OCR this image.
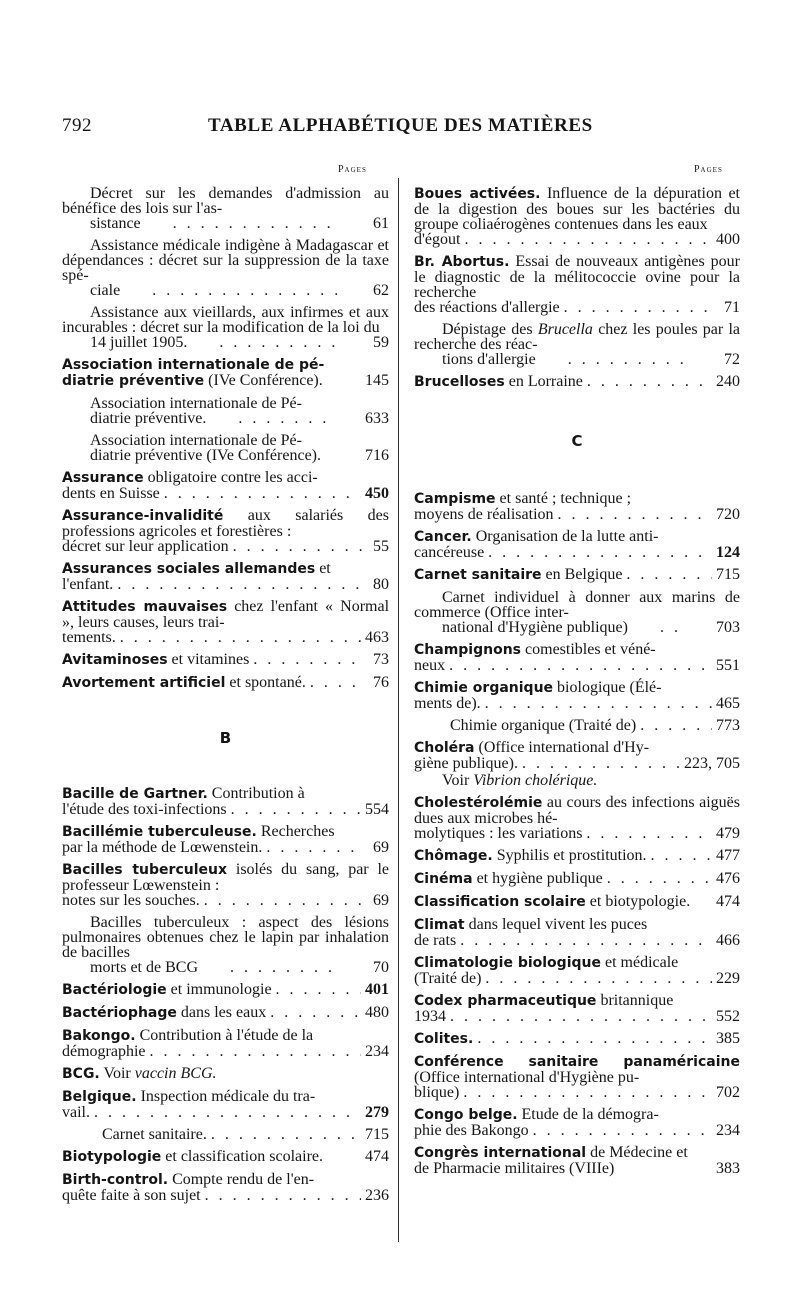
792	TABLE ALPHABÉTIQUE DES MATIÈRES
Pages	Pages
Décret sur les demandes d'admission au bénéfice des lois sur l'as-
sistance . . .	61
Assistance médicale indigène à Madagascar et dépendances : décret sur la suppression de la taxe spé-
ciale . . .	62
Assistance aux vieillards, aux infirmes et aux incurables : décret sur la modification de la loi du
14 juillet 1905. . . .	59
Association internationale de pé-
diatrie préventive (IVe Conférence).	145
Association internationale de Pé-
diatrie préventive. . . .	633
Association internationale de Pé-
diatrie préventive (IVe Conférence).	716
Assurance obligatoire contre les acci-
dents en Suisse . . .	450
Assurance-invalidité aux salariés des professions agricoles et forestières :
décret sur leur application . . .	55
Assurances sociales allemandes et
l'enfant. . . .	80
Attitudes mauvaises chez l'enfant « Normal », leurs causes, leurs trai-
tements. . . .	463
Avitaminoses et vitamines . . .	73
Avortement artificiel et spontané. . . .	76
B
Bacille de Gartner. Contribution à
l'étude des toxi-infections . . .	554
Bacillémie tuberculeuse. Recherches
par la méthode de Lœwenstein. . . .	69
Bacilles tuberculeux isolés du sang, par le professeur Lœwenstein :
notes sur les souches. . . .	69
Bacilles tuberculeux : aspect des lésions pulmonaires obtenues chez le lapin par inhalation de bacilles
morts et de BCG . . .	70
Bactériologie et immunologie . . .	401
Bactériophage dans les eaux . . .	480
Bakongo. Contribution à l'étude de la
démographie . . .	234
BCG. Voir vaccin BCG.
Belgique. Inspection médicale du tra-
vail. . . .	279
Carnet sanitaire. . . .	715
Biotypologie et classification scolaire.	474
Birth-control. Compte rendu de l'en-
quête faite à son sujet . . .	236
Boues activées. Influence de la dépuration et de la digestion des boues sur les bactéries du groupe coliaérogènes contenues dans les eaux
d'égout . . .	400
Br. Abortus. Essai de nouveaux antigènes pour le diagnostic de la mélitococcie ovine pour la recherche
des réactions d'allergie . . .	71
Dépistage des Brucella chez les poules par la recherche des réac-
tions d'allergie . . .	72
Brucelloses en Lorraine . . .	240
C
Campisme et santé ; technique ;
moyens de réalisation . . .	720
Cancer. Organisation de la lutte anti-
cancéreuse . . .	124
Carnet sanitaire en Belgique . . .	715
Carnet individuel à donner aux marins de commerce (Office inter-
national d'Hygiène publique) . . .	703
Champignons comestibles et véné-
neux . . .	551
Chimie organique biologique (Élé-
ments de). . . .	465
Chimie organique (Traité de) . . .	773
Choléra (Office international d'Hy-
giène publique). . . .	223, 705
Voir Vibrion cholérique.
Cholestérolémie au cours des infections aiguës dues aux microbes hé-
molytiques : les variations . . .	479
Chômage. Syphilis et prostitution. . . .	477
Cinéma et hygiène publique . . .	476
Classification scolaire et biotypologie. 474
Climat dans lequel vivent les puces
de rats . . .	466
Climatologie biologique et médicale
(Traité de) . . .	229
Codex pharmaceutique britannique
1934 . . .	552
Colites. . . .	385
Conférence sanitaire panaméricaine (Office international d'Hygiène pu-
blique) . . .	702
Congo belge. Etude de la démogra-
phie des Bakongo . . .	234
Congrès international de Médecine et
de Pharmacie militaires (VIIIe)	383
